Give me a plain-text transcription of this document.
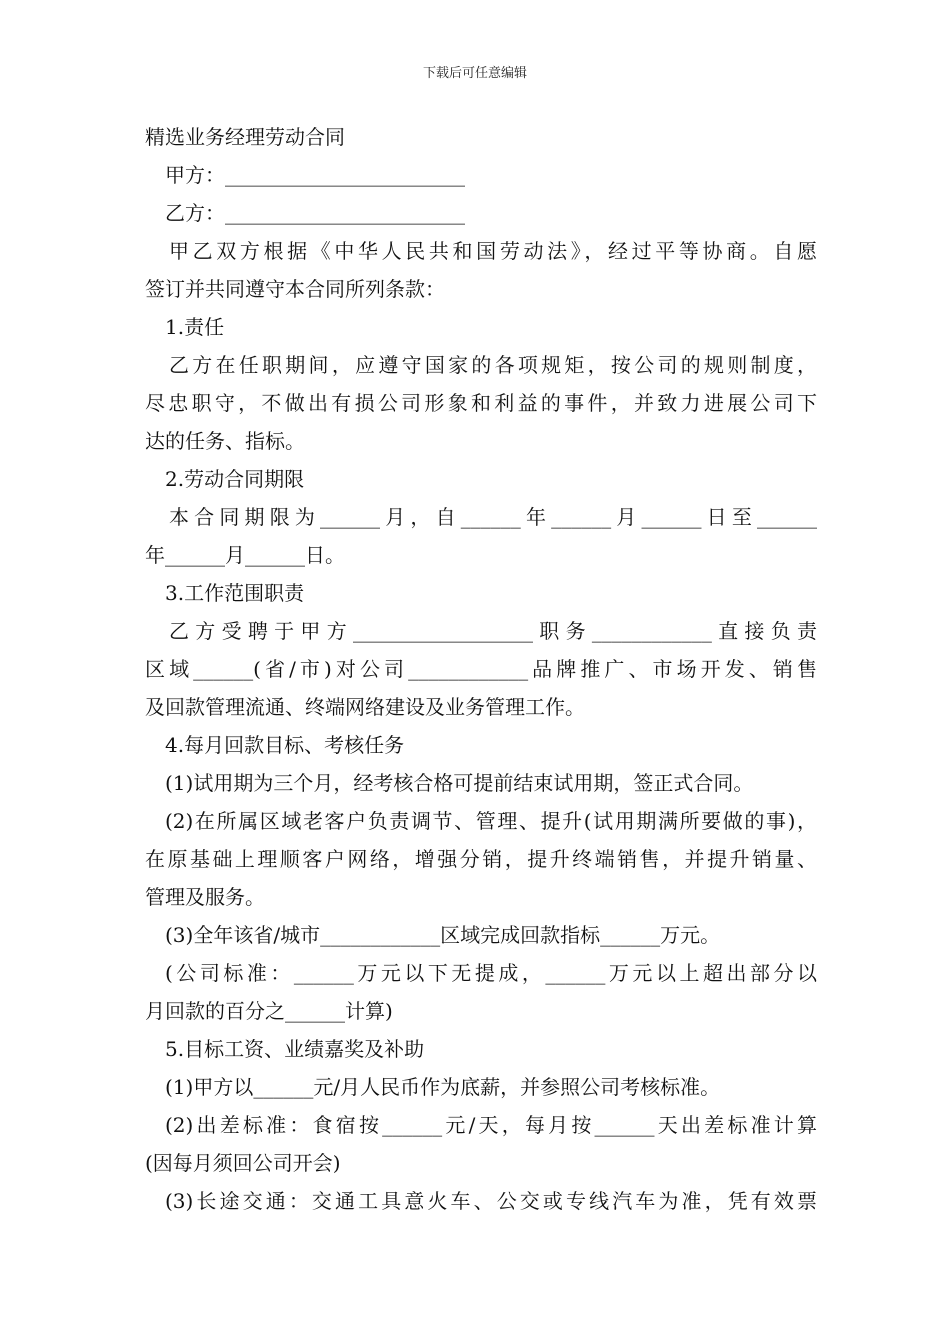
下载后可任意编辑
精选业务经理劳动合同
甲方：________________________
乙方：________________________
甲乙双方根据《中华人民共和国劳动法》，经过平等协商。自愿
签订并共同遵守本合同所列条款：
1.责任
乙方在任职期间，应遵守国家的各项规矩，按公司的规则制度，
尽忠职守，不做出有损公司形象和利益的事件，并致力进展公司下
达的任务、指标。
2.劳动合同期限
本合同期限为______月，自______年______月______日至______
年______月______日。
3.工作范围职责
乙方受聘于甲方__________________职务____________直接负责
区域______(省/市)对公司____________品牌推广、市场开发、销售
及回款管理流通、终端网络建设及业务管理工作。
4.每月回款目标、考核任务
(1)试用期为三个月，经考核合格可提前结束试用期，签正式合同。
(2)在所属区域老客户负责调节、管理、提升(试用期满所要做的事)，
在原基础上理顺客户网络，增强分销，提升终端销售，并提升销量、
管理及服务。
(3)全年该省/城市____________区域完成回款指标______万元。
(公司标准：______万元以下无提成，______万元以上超出部分以
月回款的百分之______计算)
5.目标工资、业绩嘉奖及补助
(1)甲方以______元/月人民币作为底薪，并参照公司考核标准。
(2)出差标准：食宿按______元/天，每月按______天出差标准计算
(因每月须回公司开会)
(3)长途交通：交通工具意火车、公交或专线汽车为准，凭有效票
